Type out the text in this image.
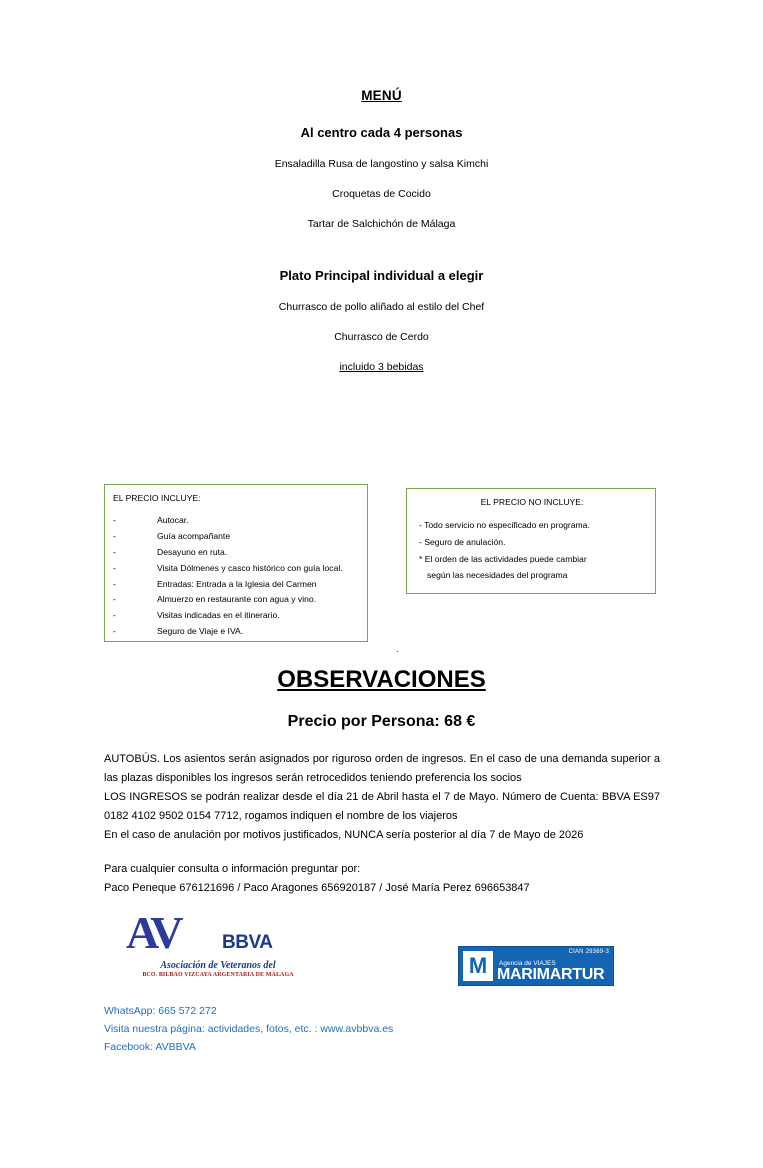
MENÚ
Al centro cada 4 personas
Ensaladilla Rusa de langostino y salsa Kimchi
Croquetas de Cocido
Tartar de Salchichón de Málaga
Plato Principal individual a elegir
Churrasco de pollo aliñado al estilo del Chef
Churrasco de Cerdo
incluido 3 bebidas
EL PRECIO INCLUYE:
-	Autocar.
-	Guía acompañante
-	Desayuno en ruta.
-	Visita Dólmenes y casco histórico con guía local.
-	Entradas: Entrada a la Iglesia del Carmen
-	Almuerzo en restaurante con agua y vino.
-	Visitas indicadas en el itinerario.
-	Seguro de Viaje e IVA.
EL PRECIO NO INCLUYE:
- Todo servicio no especificado en programa.
- Seguro de anulación.
* El orden de las actividades puede cambiar
según las necesidades del programa
.
OBSERVACIONES
Precio por Persona: 68 €

AUTOBÚS. Los asientos serán asignados por riguroso orden de ingresos. En el caso de una demanda superior a las plazas disponibles los ingresos serán retrocedidos teniendo preferencia los socios

LOS INGRESOS se podrán realizar desde el día 21 de Abril hasta el 7 de Mayo. Número de Cuenta: BBVA ES97 0182 4102 9502 0154 7712, rogamos indiquen el nombre de los viajeros

En el caso de anulación por motivos justificados, NUNCA sería posterior al día 7 de Mayo de 2026

Para cualquier consulta o información preguntar por:

Paco Peneque 676121696 / Paco Aragones 656920187 / José María Perez 696653847

AV BBVA
Asociación de Veteranos del
BCO. BILBAO VIZCAYA ARGENTARIA DE MÁLAGA	M
CIAN 29369-3
Agencia de VIAJES
MARIMARTUR

WhatsApp: 665 572 272

Visita nuestra página: actividades, fotos, etc. : www.avbbva.es

Facebook: AVBBVA
